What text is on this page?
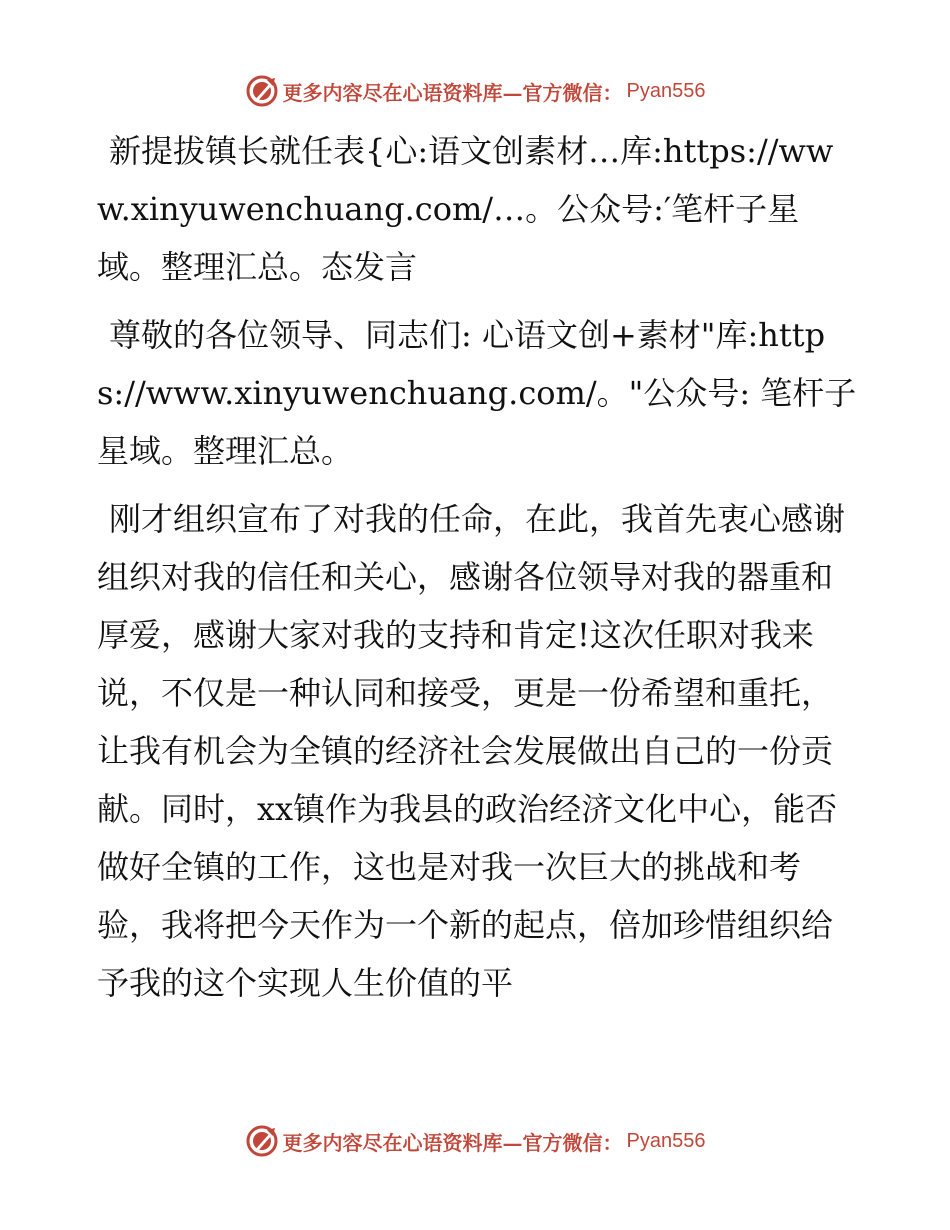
更多内容尽在心语资料库—官方微信： Pyan556

新提拔镇长就任表{心:语文创素材…库:https://www.xinyuwenchuang.com/…。公众号:′笔杆子星域。整理汇总。态发言

尊敬的各位领导、同志们: 心语文创+素材"库:https://www.xinyuwenchuang.com/。"公众号: 笔杆子星域。整理汇总。

刚才组织宣布了对我的任命，在此，我首先衷心感谢组织对我的信任和关心，感谢各位领导对我的器重和厚爱，感谢大家对我的支持和肯定!这次任职对我来说，不仅是一种认同和接受，更是一份希望和重托，让我有机会为全镇的经济社会发展做出自己的一份贡献。同时，xx镇作为我县的政治经济文化中心，能否做好全镇的工作，这也是对我一次巨大的挑战和考验，我将把今天作为一个新的起点，倍加珍惜组织给予我的这个实现人生价值的平

更多内容尽在心语资料库—官方微信： Pyan556
